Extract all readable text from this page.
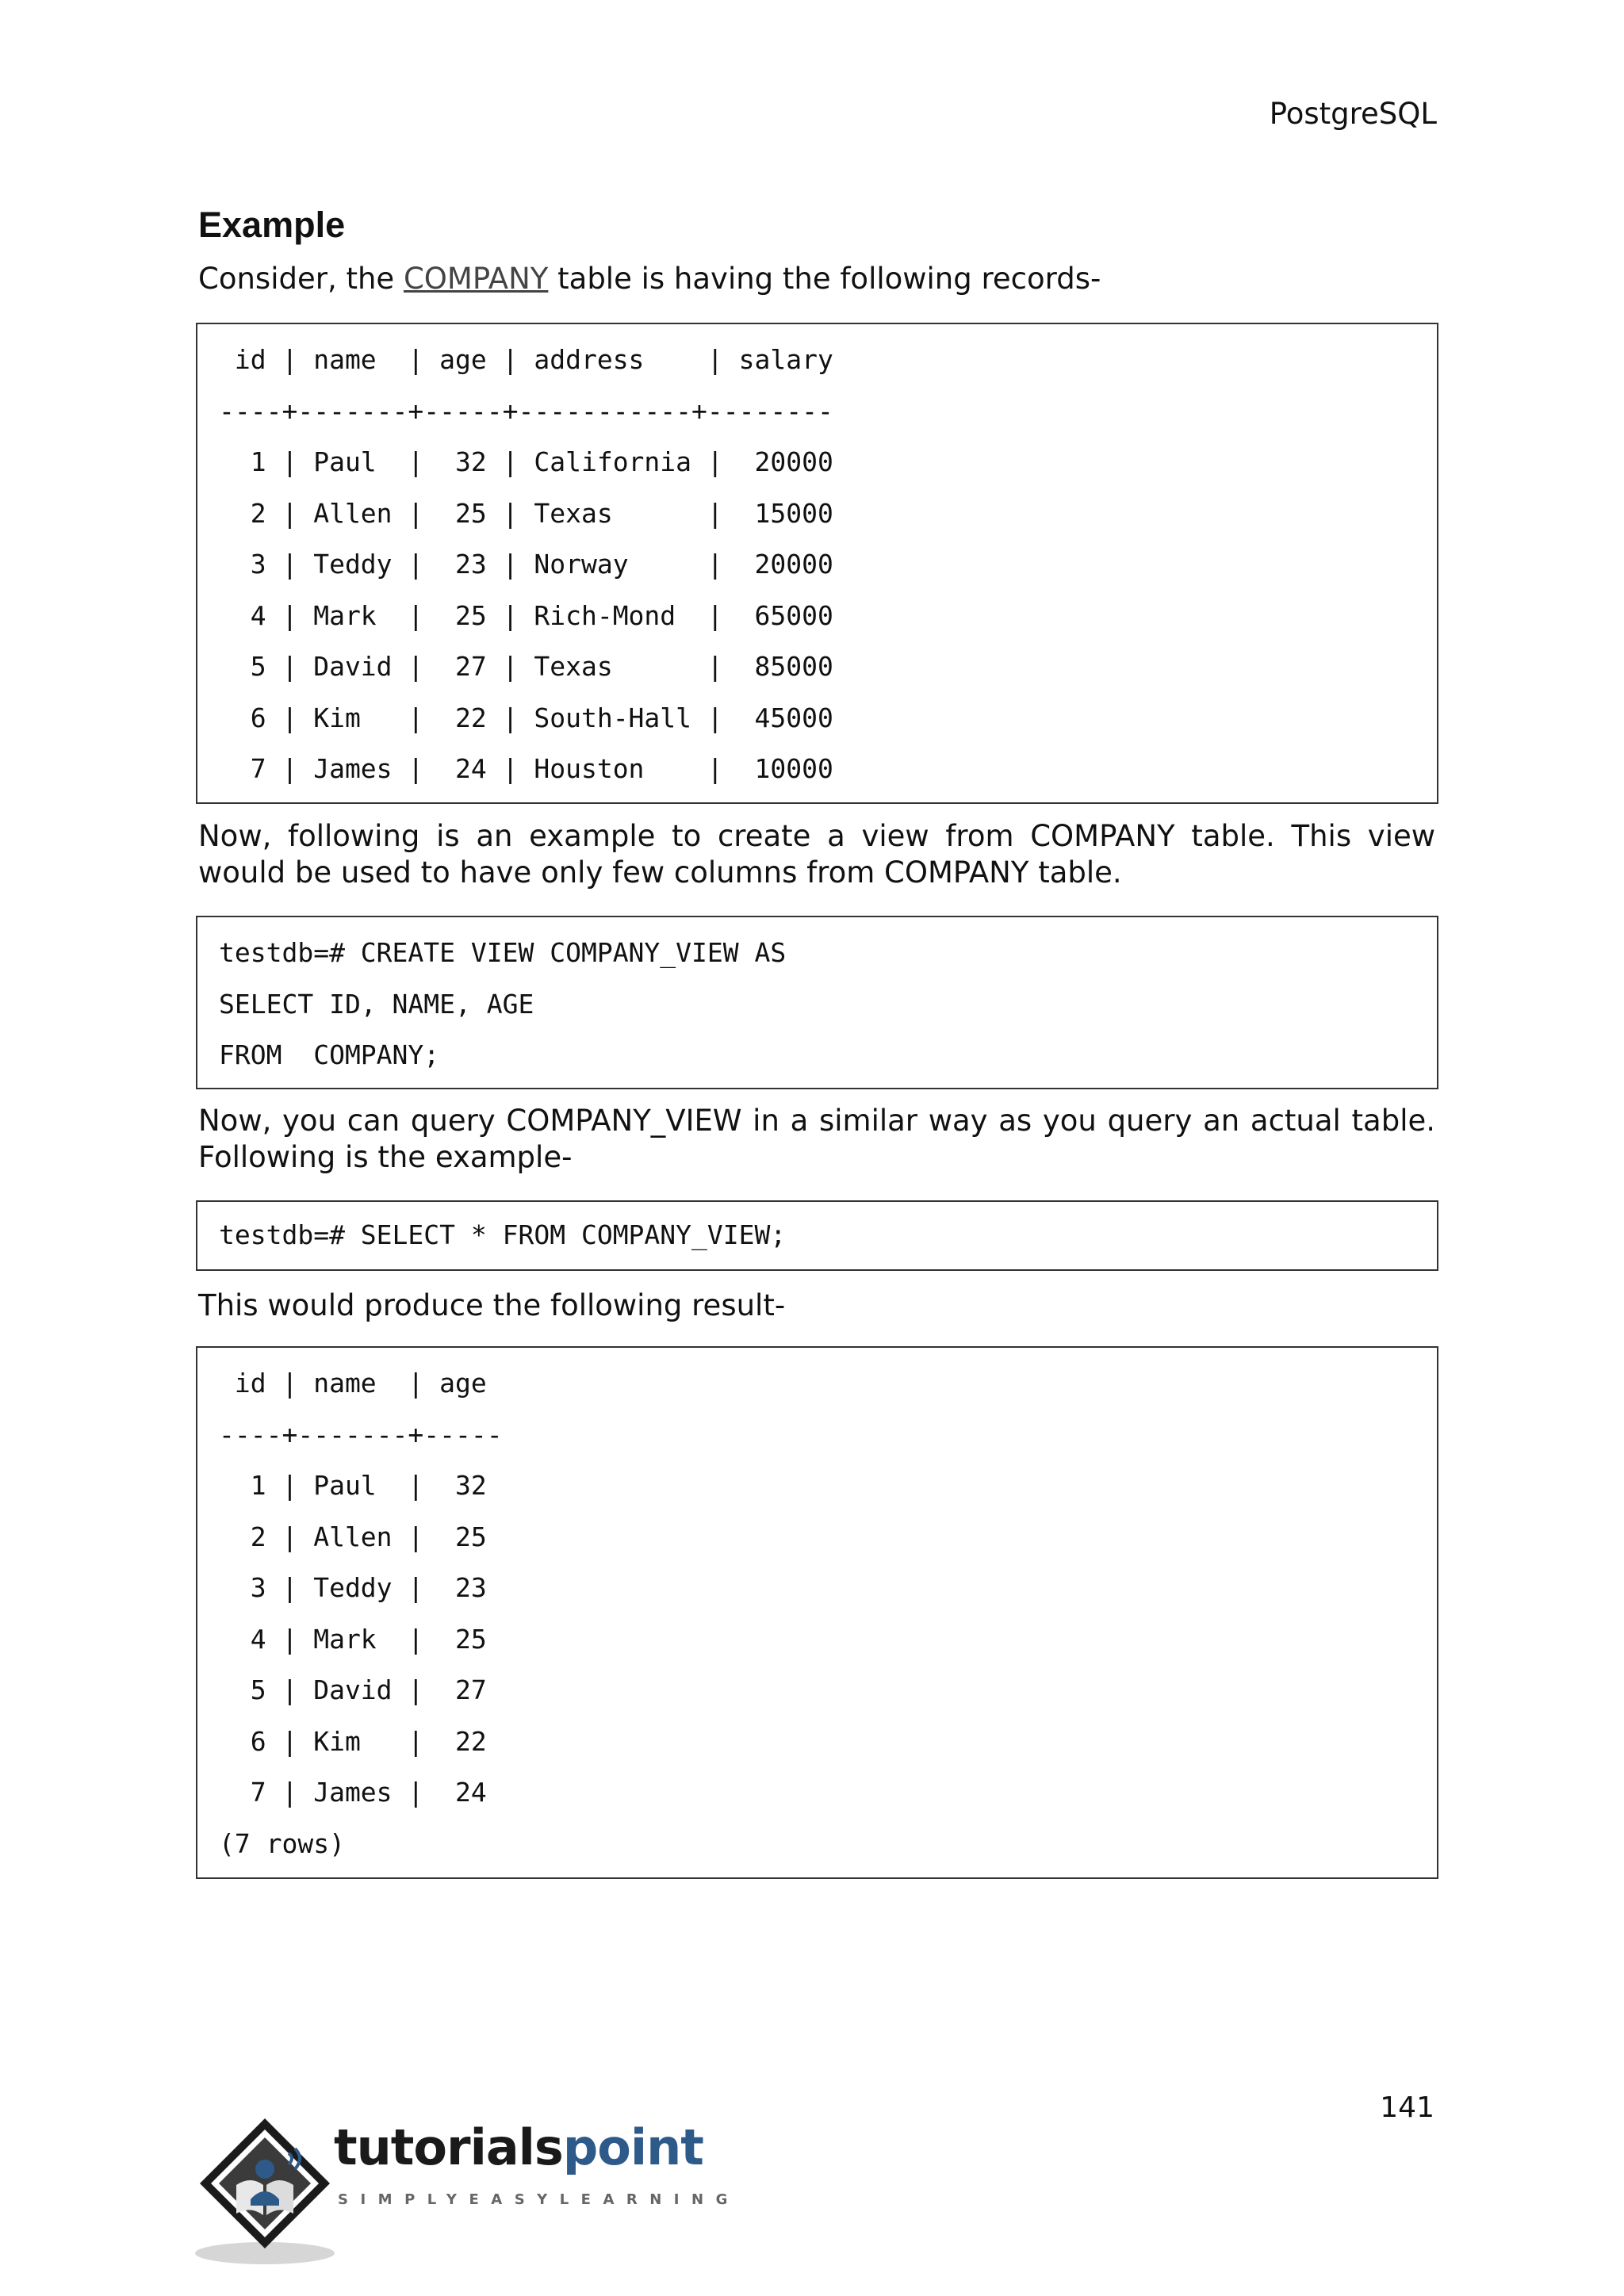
PostgreSQL
Example

Consider, the COMPANY table is having the following records-

id | name  | age | address    | salary
----+-------+-----+-----------+--------
1 | Paul  |  32 | California |  20000
2 | Allen |  25 | Texas      |  15000
3 | Teddy |  23 | Norway     |  20000
4 | Mark  |  25 | Rich-Mond  |  65000
5 | David |  27 | Texas      |  85000
6 | Kim   |  22 | South-Hall |  45000
7 | James |  24 | Houston    |  10000

Now, following is an example to create a view from COMPANY table. This view would be used to have only few columns from COMPANY table.

testdb=# CREATE VIEW COMPANY_VIEW AS
SELECT ID, NAME, AGE
FROM  COMPANY;

Now, you can query COMPANY_VIEW in a similar way as you query an actual table. Following is the example-

testdb=# SELECT * FROM COMPANY_VIEW;

This would produce the following result-

id | name  | age
----+-------+-----
1 | Paul  |  32
2 | Allen |  25
3 | Teddy |  23
4 | Mark  |  25
5 | David |  27
6 | Kim   |  22
7 | James |  24
(7 rows)
141
tutorialspoint
SIMPLYEASYLEARNING
